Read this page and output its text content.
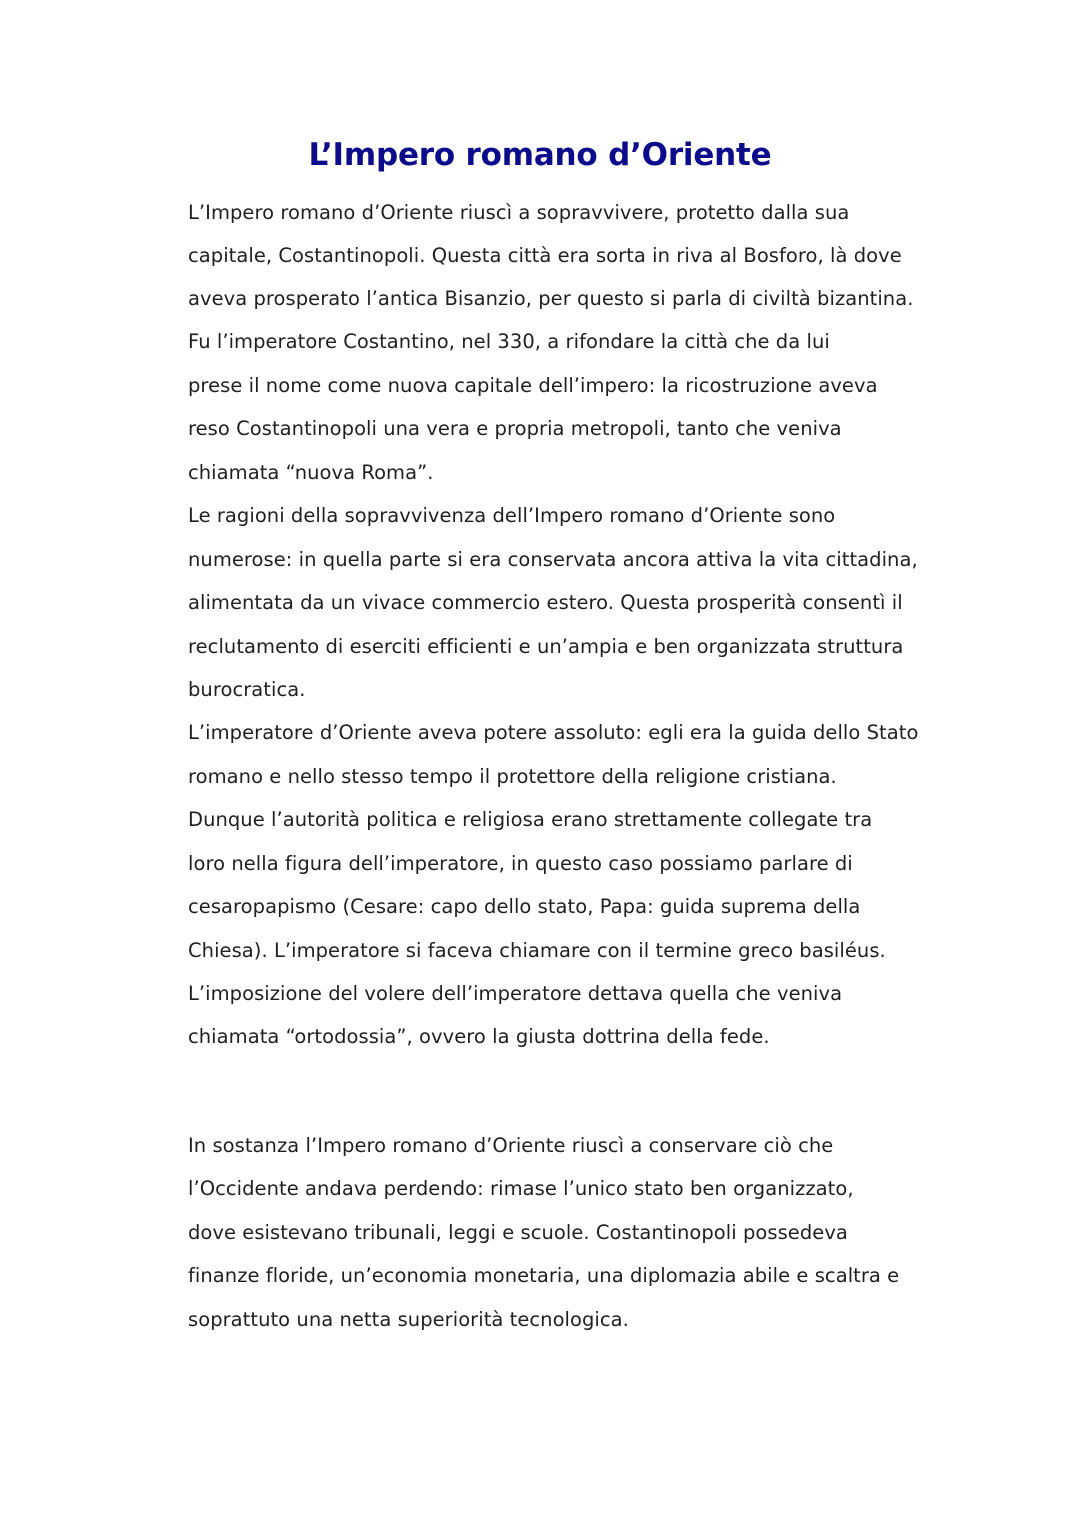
L’Impero romano d’Oriente
L’Impero romano d’Oriente riuscì a sopravvivere, protetto dalla sua
capitale, Costantinopoli. Questa città era sorta in riva al Bosforo, là dove
aveva prosperato l’antica Bisanzio, per questo si parla di civiltà bizantina.
Fu l’imperatore Costantino, nel 330, a rifondare la città che da lui
prese il nome come nuova capitale dell’impero: la ricostruzione aveva
reso Costantinopoli una vera e propria metropoli, tanto che veniva
chiamata “nuova Roma”.
Le ragioni della sopravvivenza dell’Impero romano d’Oriente sono
numerose: in quella parte si era conservata ancora attiva la vita cittadina,
alimentata da un vivace commercio estero. Questa prosperità consentì il
reclutamento di eserciti efficienti e un’ampia e ben organizzata struttura
burocratica.
L’imperatore d’Oriente aveva potere assoluto: egli era la guida dello Stato
romano e nello stesso tempo il protettore della religione cristiana.
Dunque l’autorità politica e religiosa erano strettamente collegate tra
loro nella figura dell’imperatore, in questo caso possiamo parlare di
cesaropapismo (Cesare: capo dello stato, Papa: guida suprema della
Chiesa). L’imperatore si faceva chiamare con il termine greco basiléus.
L’imposizione del volere dell’imperatore dettava quella che veniva
chiamata “ortodossia”, ovvero la giusta dottrina della fede.
In sostanza l’Impero romano d’Oriente riuscì a conservare ciò che
l’Occidente andava perdendo: rimase l’unico stato ben organizzato,
dove esistevano tribunali, leggi e scuole. Costantinopoli possedeva
finanze floride, un’economia monetaria, una diplomazia abile e scaltra e
soprattuto una netta superiorità tecnologica.
